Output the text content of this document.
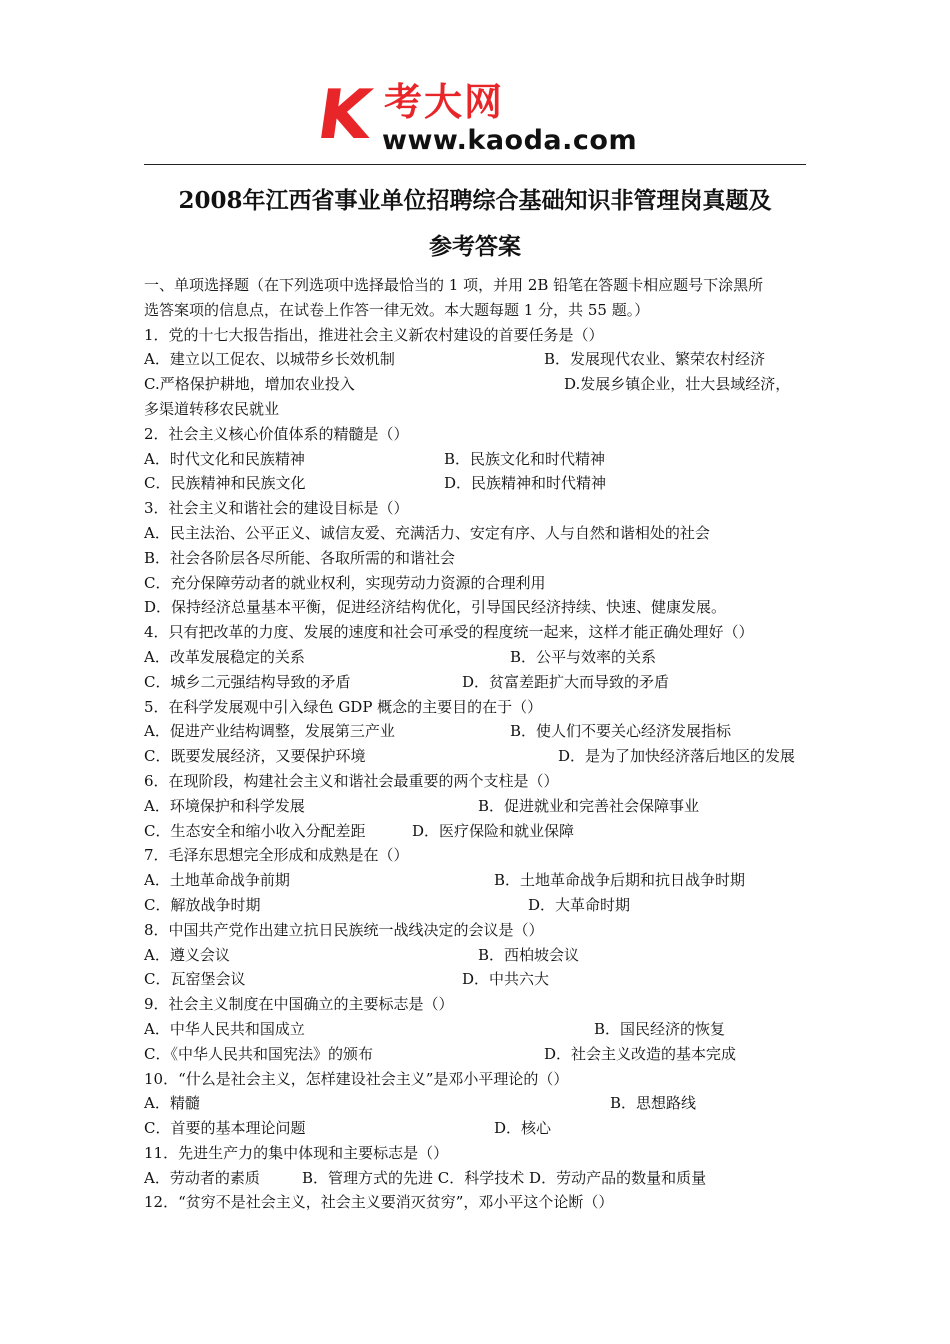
K 考大网
www.kaoda.com
2008年江西省事业单位招聘综合基础知识非管理岗真题及
参考答案
一、单项选择题（在下列选项中选择最恰当的 1 项，并用 2B 铅笔在答题卡相应题号下涂黑所
选答案项的信息点，在试卷上作答一律无效。本大题每题 1 分，共 55 题。）
1．党的十七大报告指出，推进社会主义新农村建设的首要任务是（）
A．建立以工促农、以城带乡长效机制	B．发展现代农业、繁荣农村经济
C.严格保护耕地，增加农业投入	D.发展乡镇企业，壮大县域经济，
多渠道转移农民就业
2．社会主义核心价值体系的精髓是（）
A．时代文化和民族精神	B．民族文化和时代精神
C．民族精神和民族文化	D．民族精神和时代精神
3．社会主义和谐社会的建设目标是（）
A．民主法治、公平正义、诚信友爱、充满活力、安定有序、人与自然和谐相处的社会
B．社会各阶层各尽所能、各取所需的和谐社会
C．充分保障劳动者的就业权利，实现劳动力资源的合理利用
D．保持经济总量基本平衡，促进经济结构优化，引导国民经济持续、快速、健康发展。
4．只有把改革的力度、发展的速度和社会可承受的程度统一起来，这样才能正确处理好（）
A．改革发展稳定的关系	B．公平与效率的关系
C．城乡二元强结构导致的矛盾	D．贫富差距扩大而导致的矛盾
5．在科学发展观中引入绿色 GDP 概念的主要目的在于（）
A．促进产业结构调整，发展第三产业	B．使人们不要关心经济发展指标
C．既要发展经济，又要保护环境	D．是为了加快经济落后地区的发展
6．在现阶段，构建社会主义和谐社会最重要的两个支柱是（）
A．环境保护和科学发展	B．促进就业和完善社会保障事业
C．生态安全和缩小收入分配差距	D．医疗保险和就业保障
7．毛泽东思想完全形成和成熟是在（）
A．土地革命战争前期	B．土地革命战争后期和抗日战争时期
C．解放战争时期	D．大革命时期
8．中国共产党作出建立抗日民族统一战线决定的会议是（）
A．遵义会议	B．西柏坡会议
C．瓦窑堡会议	D．中共六大
9．社会主义制度在中国确立的主要标志是（）
A．中华人民共和国成立	B．国民经济的恢复
C．《中华人民共和国宪法》的颁布	D．社会主义改造的基本完成
10．“什么是社会主义，怎样建设社会主义”是邓小平理论的（）
A．精髓	B．思想路线
C．首要的基本理论问题	D．核心
11．先进生产力的集中体现和主要标志是（）
A．劳动者的素质	B．管理方式的先进 C．科学技术 D．劳动产品的数量和质量
12．“贫穷不是社会主义，社会主义要消灭贫穷”，邓小平这个论断（）
